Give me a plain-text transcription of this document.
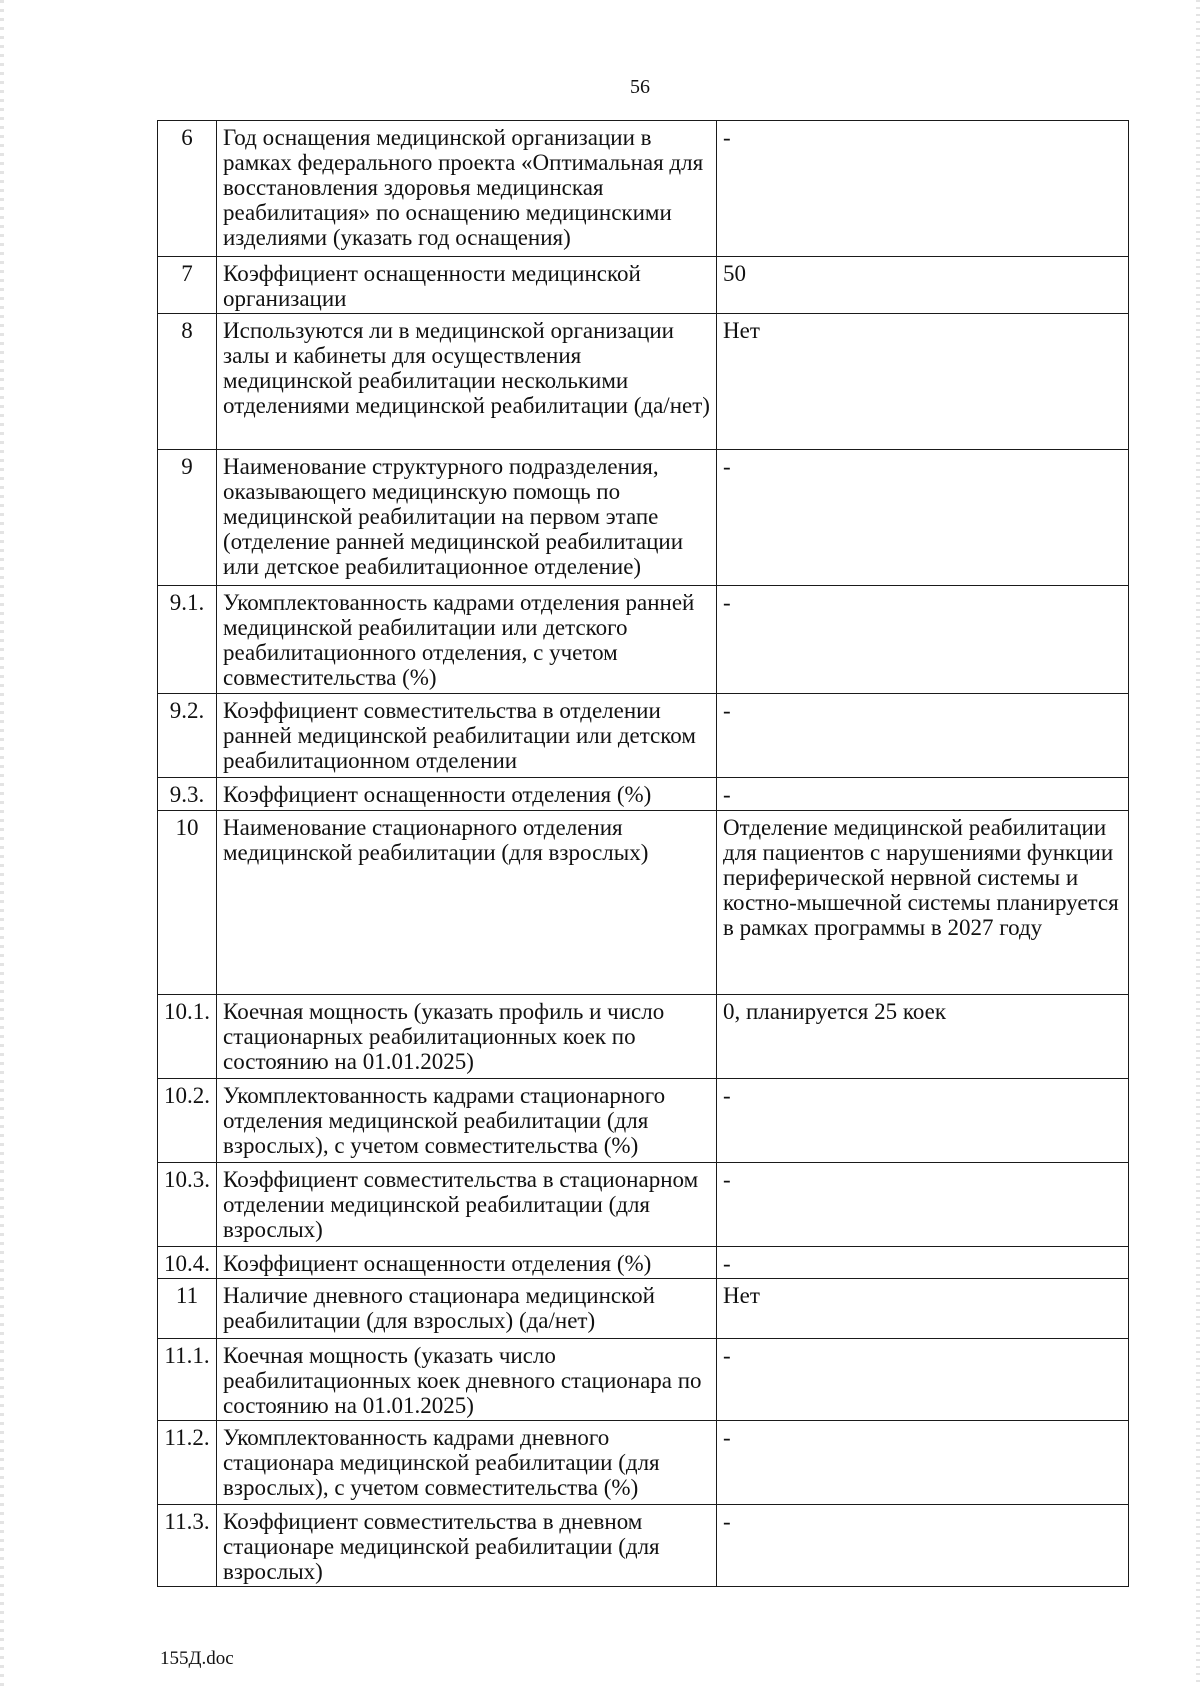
56
6	Год оснащения медицинской организации в рамках федерального проекта «Оптимальная для восстановления здоровья медицинская реабилитация» по оснащению медицинскими изделиями (указать год оснащения)	-
7	Коэффициент оснащенности медицинской организации	50
8	Используются ли в медицинской организации залы и кабинеты для осуществления медицинской реабилитации несколькими отделениями медицинской реабилитации (да/нет)	Нет
9	Наименование структурного подразделения, оказывающего медицинскую помощь по медицинской реабилитации на первом этапе (отделение ранней медицинской реабилитации или детское реабилитационное отделение)	-
9.1.	Укомплектованность кадрами отделения ранней медицинской реабилитации или детского реабилитационного отделения, с учетом совместительства (%)	-
9.2.	Коэффициент совместительства в отделении ранней медицинской реабилитации или детском реабилитационном отделении	-
9.3.	Коэффициент оснащенности отделения (%)	-
10	Наименование стационарного отделения медицинской реабилитации (для взрослых)	Отделение медицинской реабилитации для пациентов с нарушениями функции периферической нервной системы и костно-мышечной системы планируется в рамках программы в 2027 году
10.1.	Коечная мощность (указать профиль и число стационарных реабилитационных коек по состоянию на 01.01.2025)	0, планируется 25 коек
10.2.	Укомплектованность кадрами стационарного отделения медицинской реабилитации (для взрослых), с учетом совместительства (%)	-
10.3.	Коэффициент совместительства в стационарном отделении медицинской реабилитации (для взрослых)	-
10.4.	Коэффициент оснащенности отделения (%)	-
11	Наличие дневного стационара медицинской реабилитации (для взрослых) (да/нет)	Нет
11.1.	Коечная мощность (указать число реабилитационных коек дневного стационара по состоянию на 01.01.2025)	-
11.2.	Укомплектованность кадрами дневного стационара медицинской реабилитации (для взрослых), с учетом совместительства (%)	-
11.3.	Коэффициент совместительства в дневном стационаре медицинской реабилитации (для взрослых)	-
155Д.doc
